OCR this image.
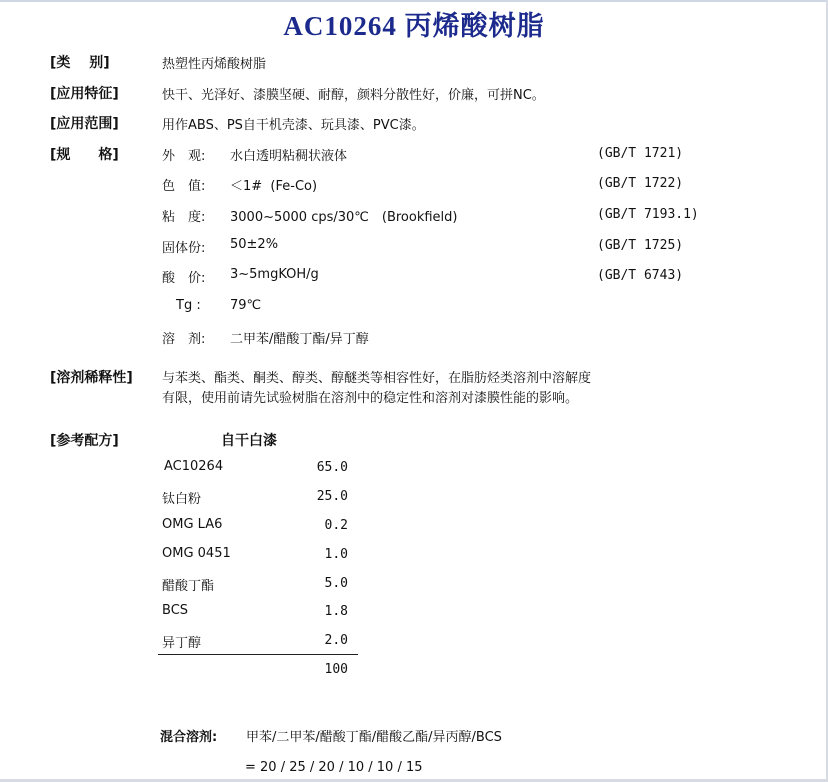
AC10264 丙烯酸树脂
[类　 别]	热塑性丙烯酸树脂
[应用特征]	快干、光泽好、漆膜坚硬、耐醇，颜料分散性好，价廉，可拼NC。
[应用范围]	用作ABS、PS自干机壳漆、玩具漆、PVC漆。
[规　　格]	外　观: 水白透明粘稠状液体	(GB/T 1721)
色　值: ＜1#  (Fe-Co)	(GB/T 1722)
粘　度: 3000~5000 cps/30℃　(Brookfield)	(GB/T 7193.1)
固体份: 50±2%	(GB/T 1725)
酸　价: 3~5mgKOH/g	(GB/T 6743)
Tg : 79℃
溶　剂: 二甲苯/醋酸丁酯/异丁醇
[溶剂稀释性] 与苯类、酯类、酮类、醇类、醇醚类等相容性好，在脂肪烃类溶剂中溶解度
有限，使用前请先试验树脂在溶剂中的稳定性和溶剂对漆膜性能的影响。
[参考配方]	自干白漆
AC10264	65.0
钛白粉	25.0
OMG LA6	0.2
OMG 0451	1.0
醋酸丁酯	5.0
BCS	1.8
异丁醇	2.0
100
混合溶剂: 甲苯/二甲苯/醋酸丁酯/醋酸乙酯/异丙醇/BCS
= 20 / 25 / 20 / 10 / 10 / 15
